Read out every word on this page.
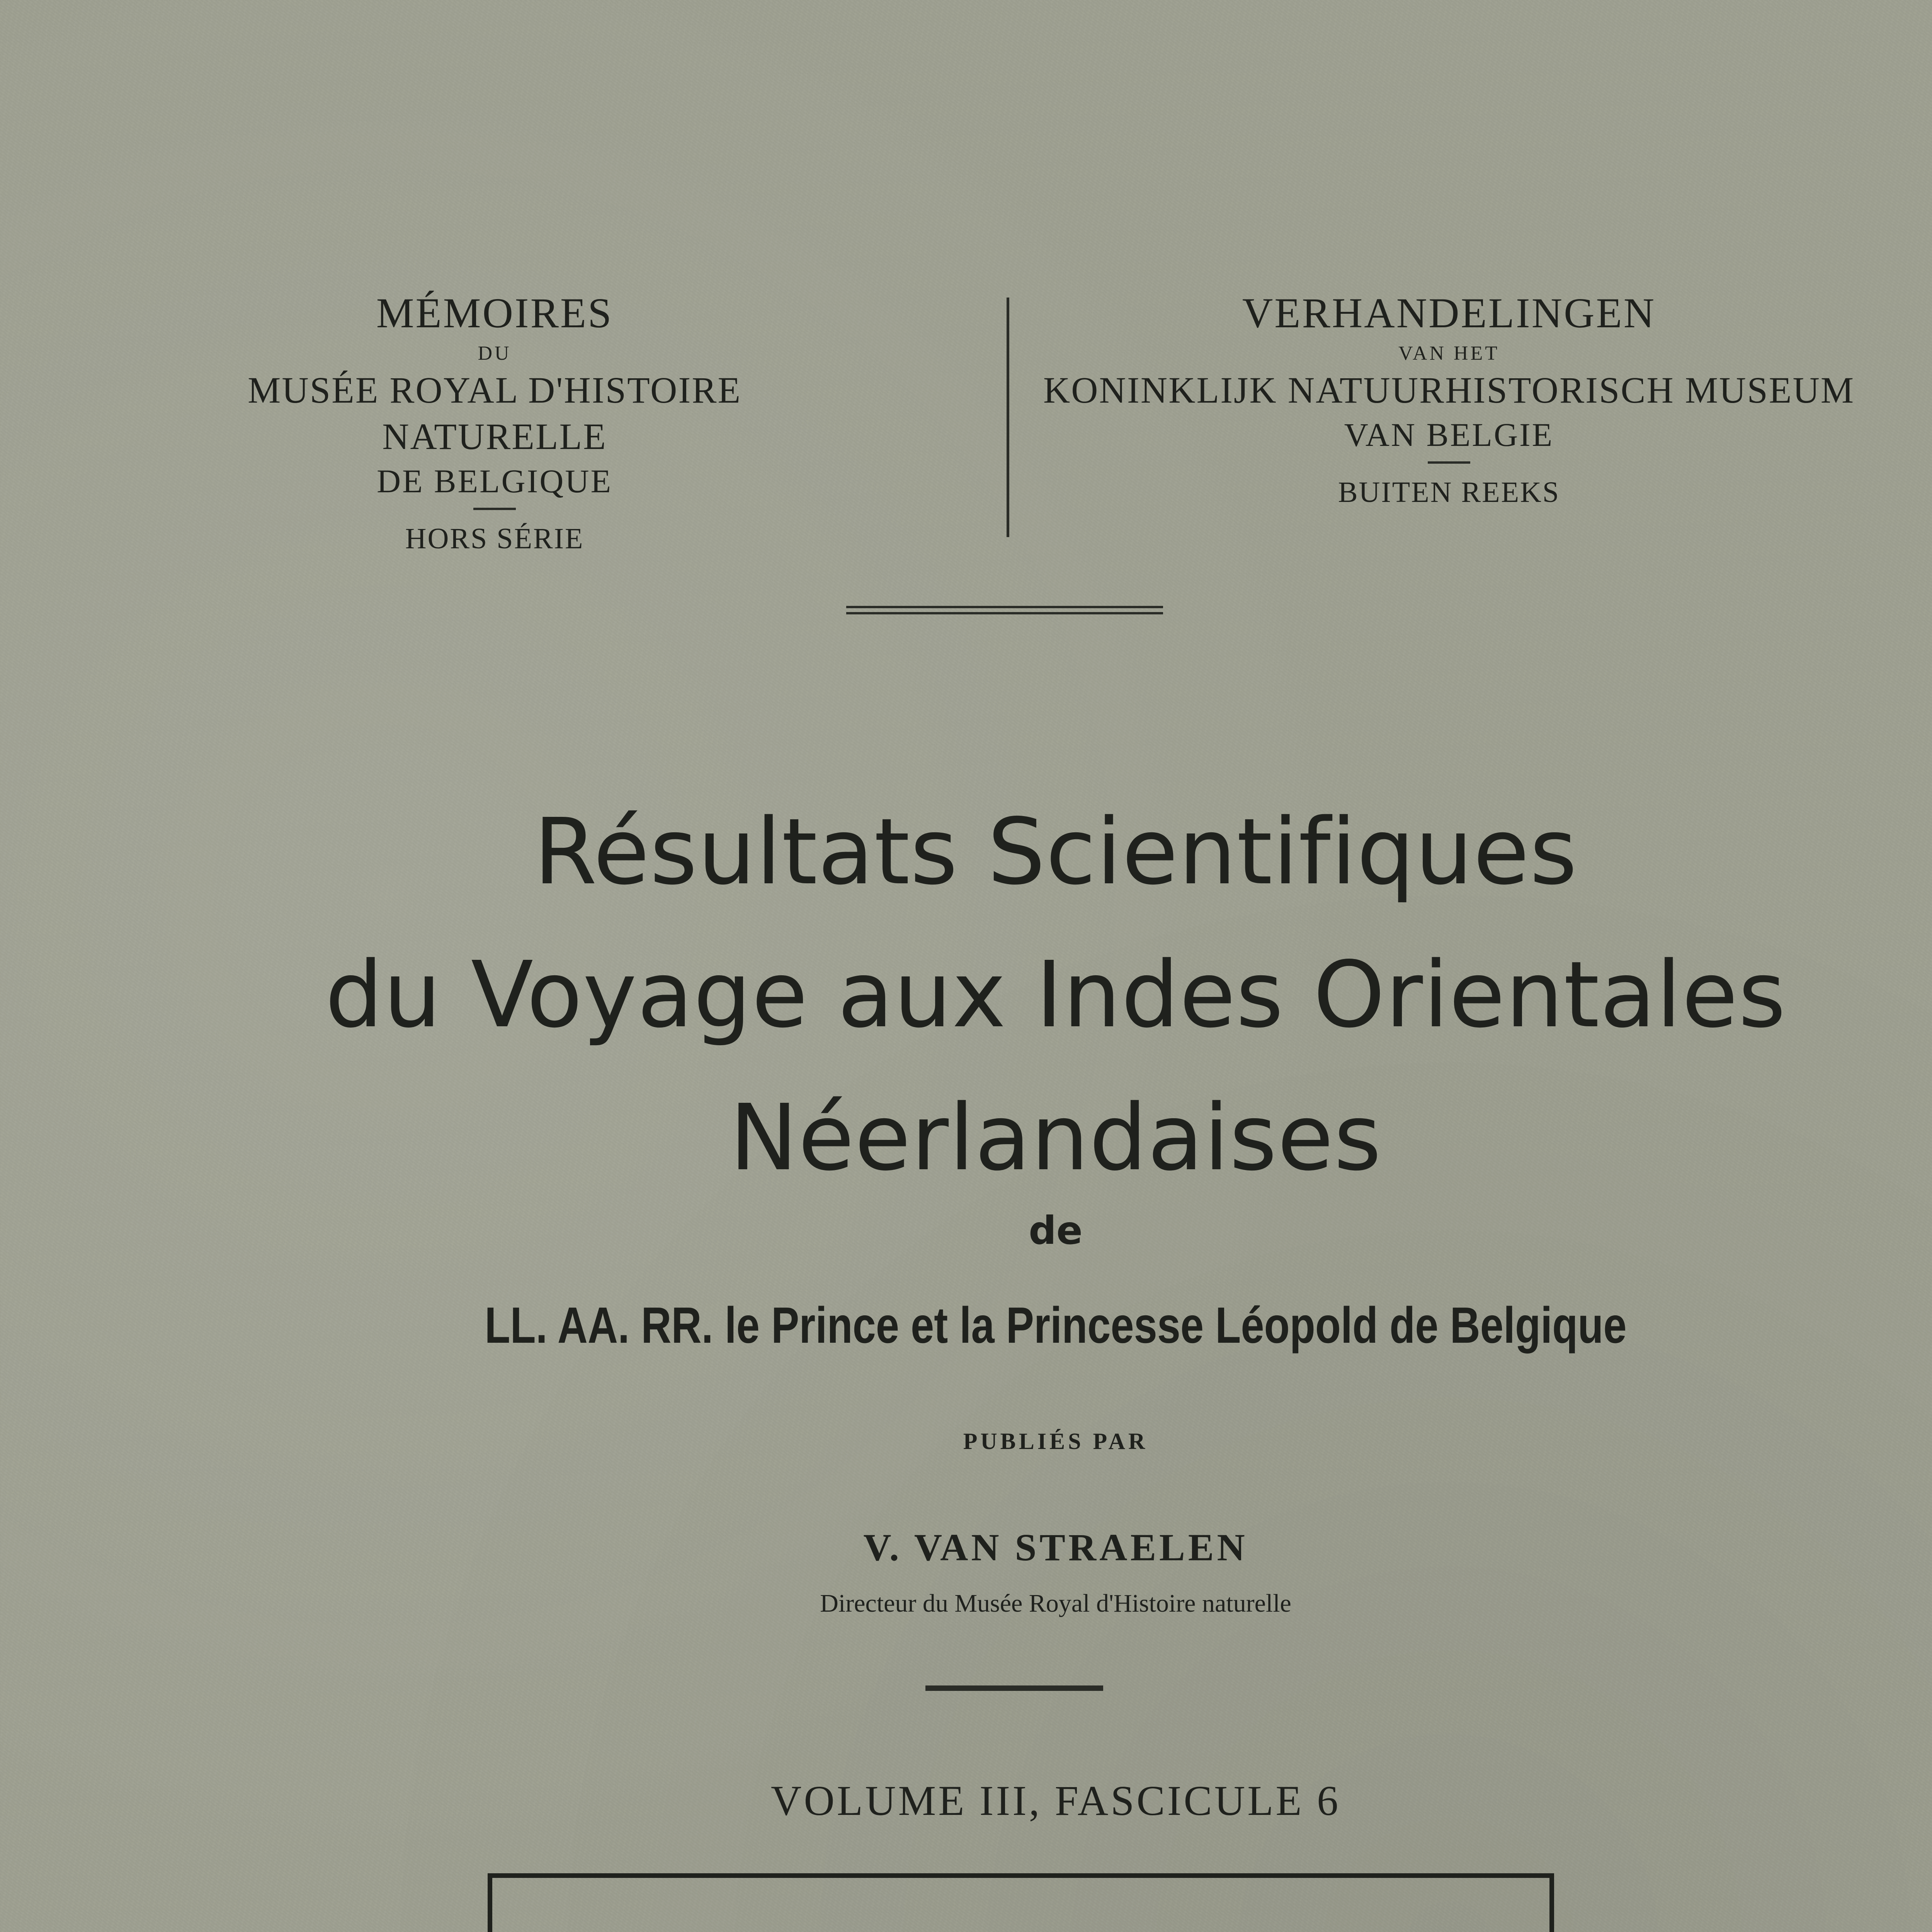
MÉMOIRES
DU
MUSÉE ROYAL D'HISTOIRE NATURELLE
DE BELGIQUE
HORS SÉRIE
VERHANDELINGEN
VAN HET
KONINKLIJK NATUURHISTORISCH MUSEUM
VAN BELGIE
BUITEN REEKS
Résultats Scientifiques
du Voyage aux Indes Orientales
Néerlandaises
de
LL. AA. RR. le Prince et la Princesse Léopold de Belgique
PUBLIÉS PAR
V. VAN STRAELEN
Directeur du Musée Royal d'Histoire naturelle
VOLUME III, FASCICULE 6
